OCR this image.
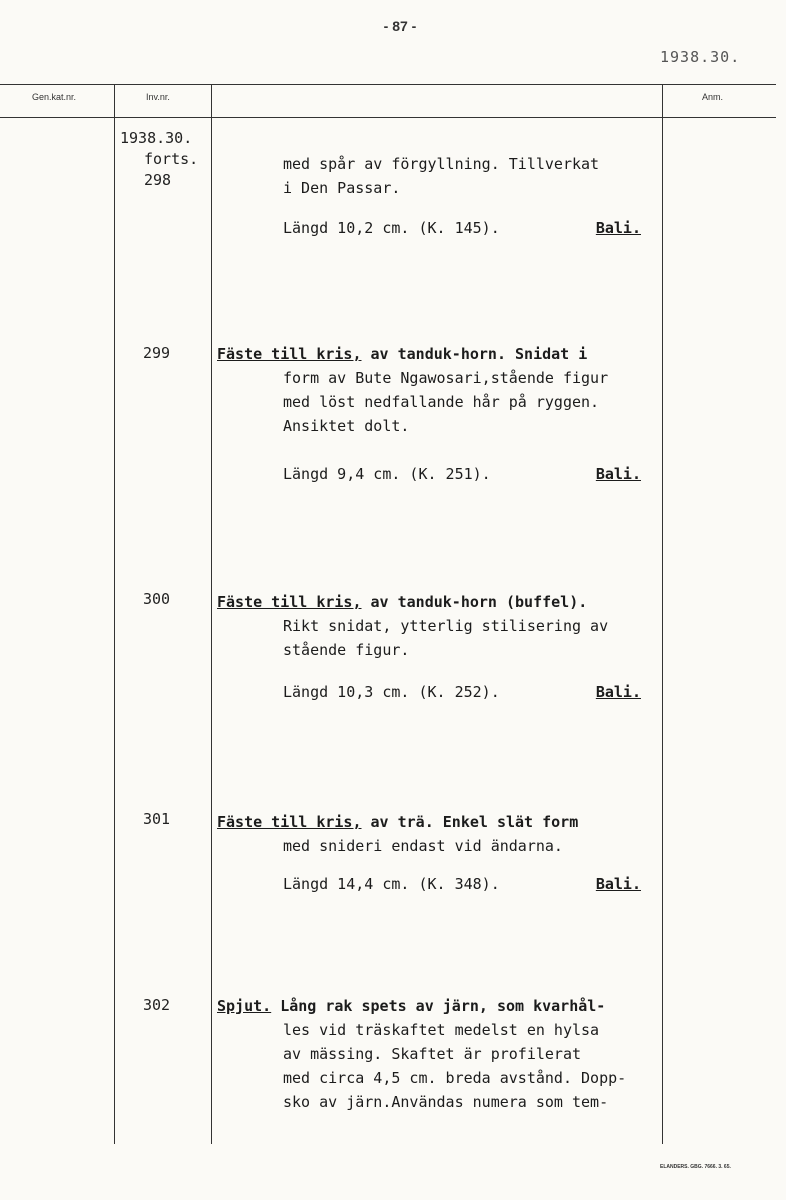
- 87 -
1938.30.
Gen.kat.nr.	Inv.nr.	Anm.
1938.30.
forts.
298
med spår av förgyllning. Tillverkat
i Den Passar.
Längd 10,2 cm. (K. 145).	Bali.
299	Fäste till kris, av tanduk-horn. Snidat i
form av Bute Ngawosari,stående figur
med löst nedfallande hår på ryggen.
Ansiktet dolt.
Längd 9,4 cm. (K. 251).	Bali.
300	Fäste till kris, av tanduk-horn (buffel).
Rikt snidat, ytterlig stilisering av
stående figur.
Längd 10,3 cm. (K. 252).	Bali.
301	Fäste till kris, av trä. Enkel slät form
med snideri endast vid ändarna.
Längd 14,4 cm. (K. 348).	Bali.
302	Spjut. Lång rak spets av järn, som kvarhål-
les vid träskaftet medelst en hylsa
av mässing. Skaftet är profilerat
med circa 4,5 cm. breda avstånd. Dopp-
sko av järn.Användas numera som tem-
ELANDERS. GBG. 7666. 3. 65.
